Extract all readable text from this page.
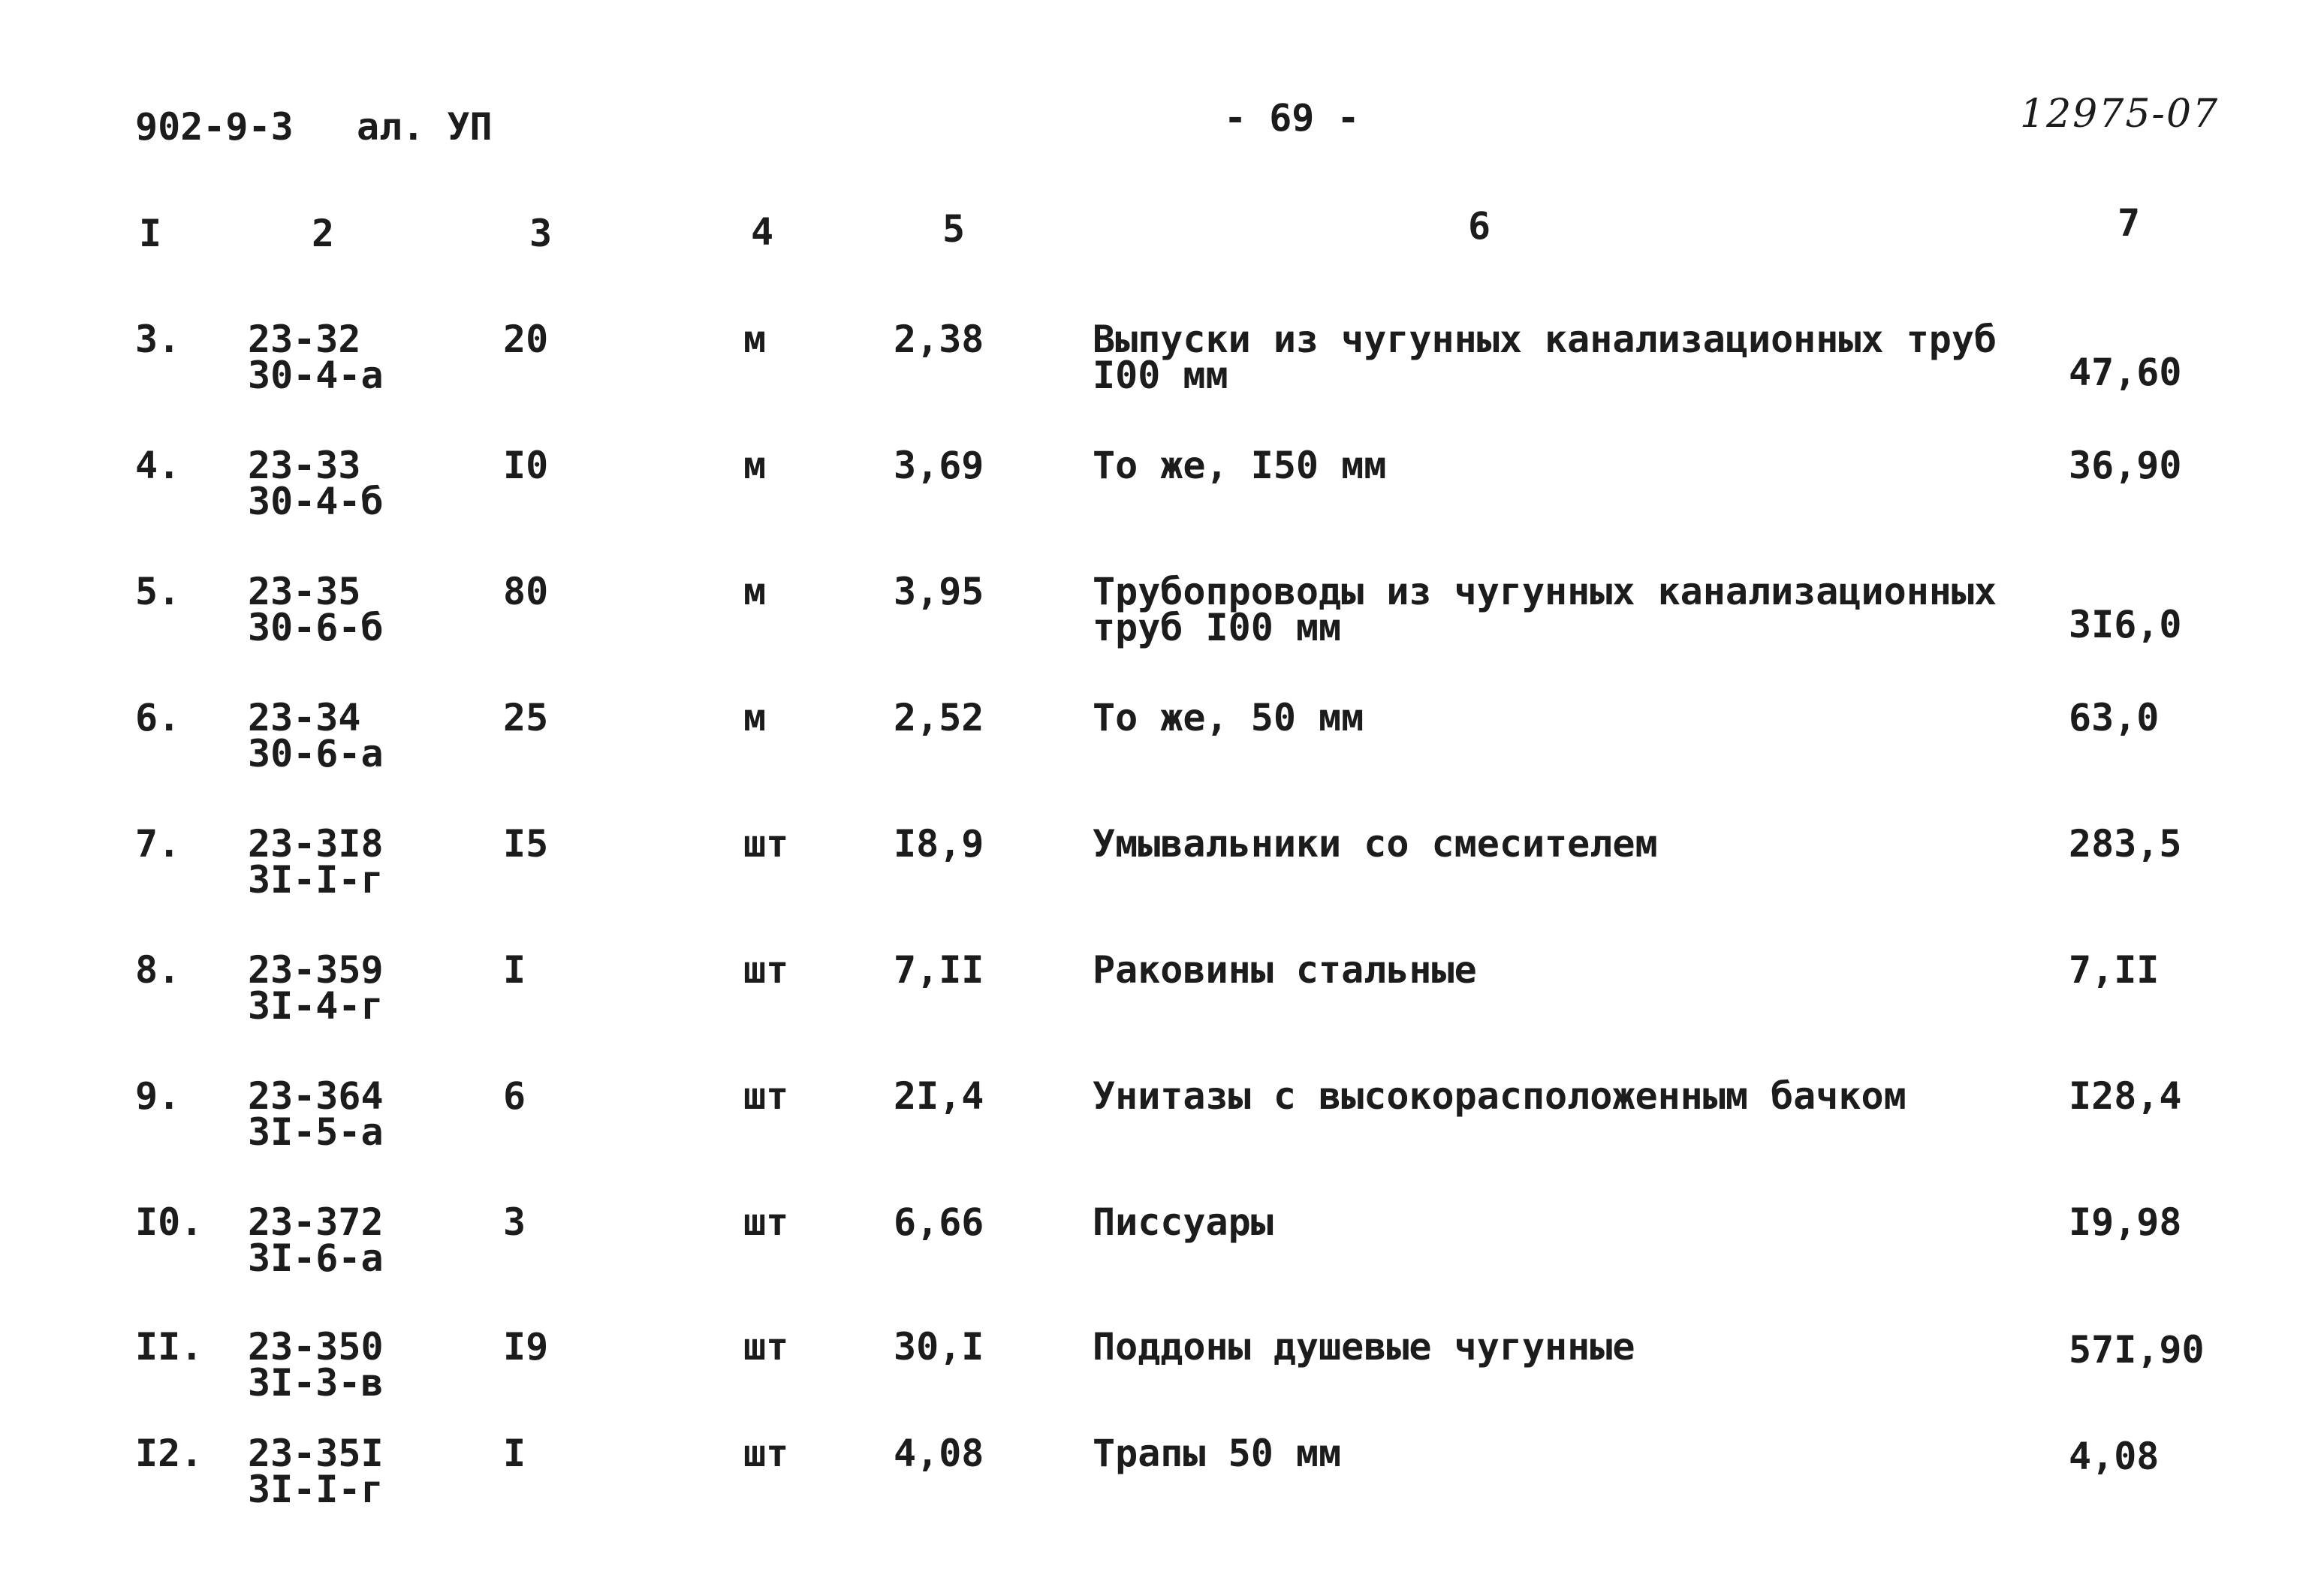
902-9-3 ал. УП	- 69 -	12975-07
I	2	3	4	5	6	7
3. 23-32
30-4-а
20	м	2,38	Выпуски из чугунных канализационных труб
I00 мм	47,60
4. 23-33
30-4-б
I0	м	3,69	То же, I50 мм	36,90
5. 23-35
30-6-б
80	м	3,95	Трубопроводы из чугунных канализационных
труб I00 мм	3I6,0
6. 23-34
30-6-а
25	м	2,52	То же, 50 мм	63,0
7. 23-3I8
3I-I-г
I5	шт	I8,9	Умывальники со смесителем	283,5
8. 23-359
3I-4-г
I	шт	7,II	Раковины стальные	7,II
9. 23-364
3I-5-а
6	шт	2I,4	Унитазы с высокорасположенным бачком	I28,4
I0. 23-372
3I-6-а
3	шт	6,66	Писсуары	I9,98
II. 23-350
3I-3-в
I9	шт	30,I	Поддоны душевые чугунные	57I,90
I2. 23-35I
3I-I-г
I	шт	4,08	Трапы 50 мм	4,08
